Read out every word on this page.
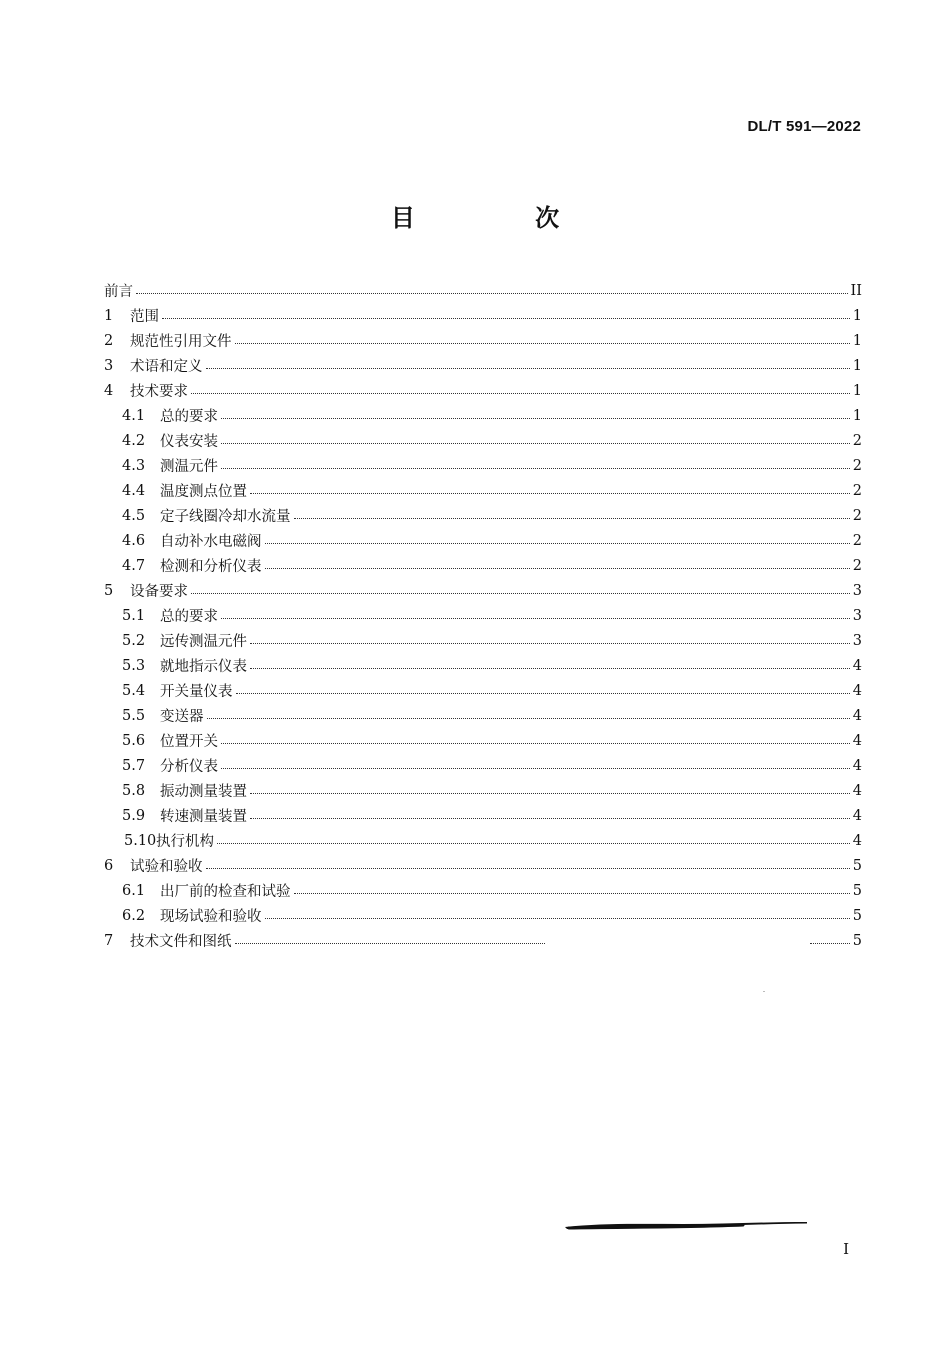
DL/T 591—2022
目 次
前言	II
1	范围	1
2	规范性引用文件	1
3	术语和定义	1
4	技术要求	1
4.1	总的要求	1
4.2	仪表安装	2
4.3	测温元件	2
4.4	温度测点位置	2
4.5	定子线圈冷却水流量	2
4.6	自动补水电磁阀	2
4.7	检测和分析仪表	2
5	设备要求	3
5.1	总的要求	3
5.2	远传测温元件	3
5.3	就地指示仪表	4
5.4	开关量仪表	4
5.5	变送器	4
5.6	位置开关	4
5.7	分析仪表	4
5.8	振动测量装置	4
5.9	转速测量装置	4
5.10 执行机构	4
6	试验和验收	5
6.1	出厂前的检查和试验	5
6.2	现场试验和验收	5
7	技术文件和图纸	5
I
